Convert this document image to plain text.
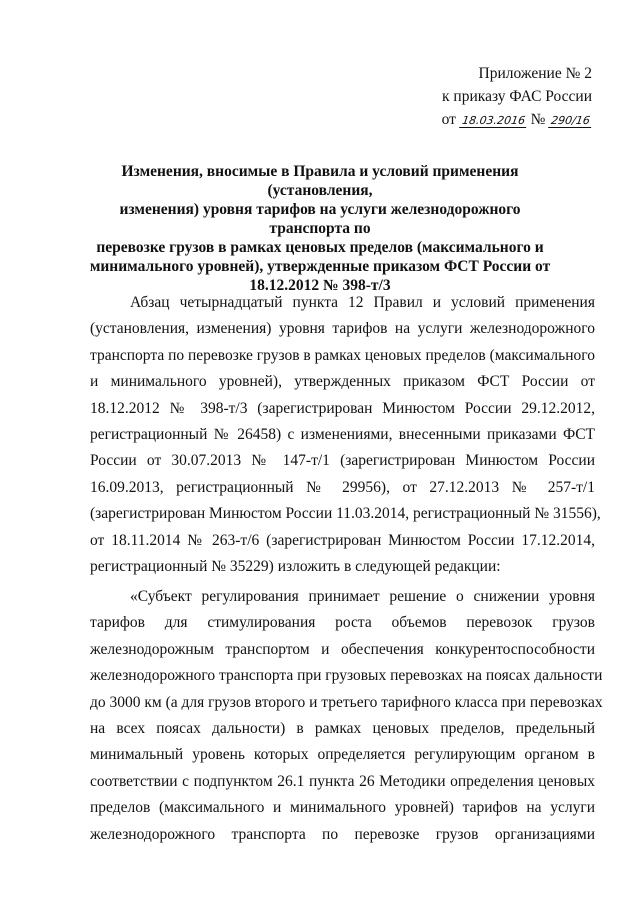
Приложение № 2
к приказу ФАС России
от 18.03.2016 № 290/16
Изменения, вносимые в Правила и условий применения (установления,
изменения) уровня тарифов на услуги железнодорожного транспорта по
перевозке грузов в рамках ценовых пределов (максимального и
минимального уровней), утвержденные приказом ФСТ России от
18.12.2012 № 398-т/3
Абзац четырнадцатый пункта 12 Правил и условий применения
(установления, изменения) уровня тарифов на услуги железнодорожного
транспорта по перевозке грузов в рамках ценовых пределов (максимального
и минимального уровней), утвержденных приказом ФСТ России от
18.12.2012 № 398-т/3 (зарегистрирован Минюстом России 29.12.2012,
регистрационный № 26458) с изменениями, внесенными приказами ФСТ
России от 30.07.2013 № 147-т/1 (зарегистрирован Минюстом России
16.09.2013, регистрационный № 29956), от 27.12.2013 № 257-т/1
(зарегистрирован Минюстом России 11.03.2014, регистрационный № 31556),
от 18.11.2014 № 263-т/6 (зарегистрирован Минюстом России 17.12.2014,
регистрационный № 35229) изложить в следующей редакции:
«Субъект регулирования принимает решение о снижении уровня
тарифов для стимулирования роста объемов перевозок грузов
железнодорожным транспортом и обеспечения конкурентоспособности
железнодорожного транспорта при грузовых перевозках на поясах дальности
до 3000 км (а для грузов второго и третьего тарифного класса при перевозках
на всех поясах дальности) в рамках ценовых пределов, предельный
минимальный уровень которых определяется регулирующим органом в
соответствии с подпунктом 26.1 пункта 26 Методики определения ценовых
пределов (максимального и минимального уровней) тарифов на услуги
железнодорожного транспорта по перевозке грузов организациями
